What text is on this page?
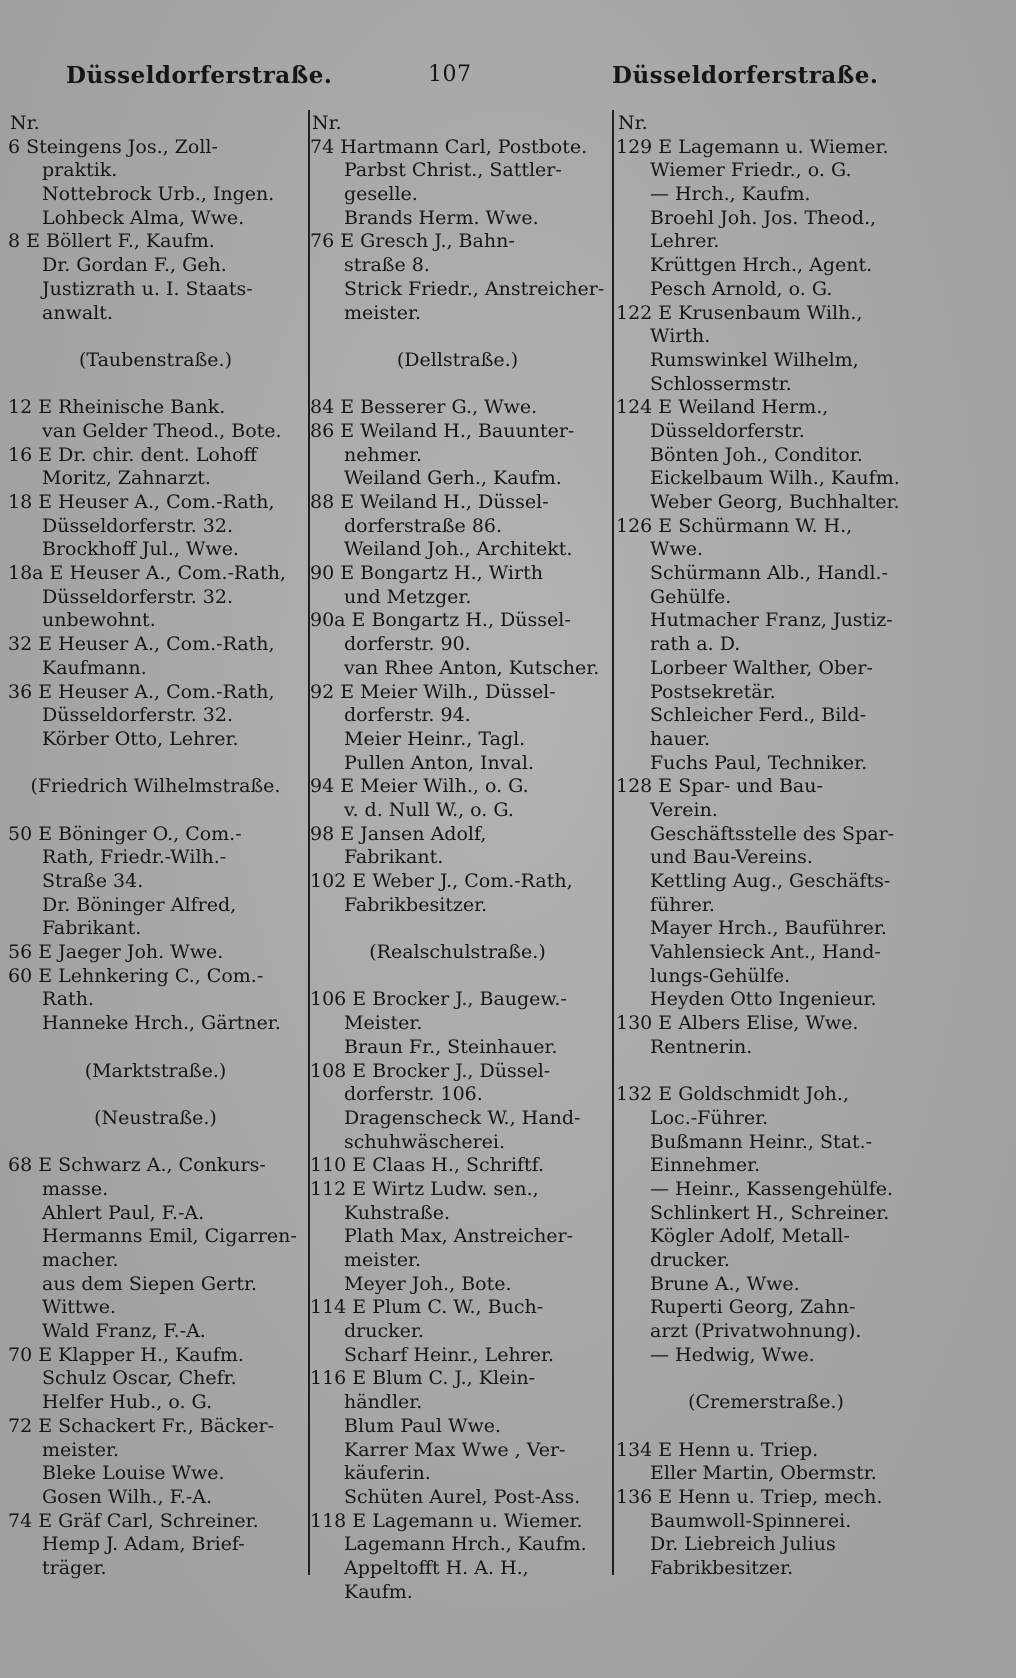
Düsseldorferstraße.	107	Düsseldorferstraße.
Nr.
6 Steingens Jos., Zoll-
praktik.
Nottebrock Urb., Ingen.
Lohbeck Alma, Wwe.
8 E Böllert F., Kaufm.
Dr. Gordan F., Geh.
Justizrath u. I. Staats-
anwalt.
(Taubenstraße.)
12 E Rheinische Bank.
van Gelder Theod., Bote.
16 E Dr. chir. dent. Lohoff
Moritz, Zahnarzt.
18 E Heuser A., Com.-Rath,
Düsseldorferstr. 32.
Brockhoff Jul., Wwe.
18a E Heuser A., Com.-Rath,
Düsseldorferstr. 32.
unbewohnt.
32 E Heuser A., Com.-Rath,
Kaufmann.
36 E Heuser A., Com.-Rath,
Düsseldorferstr. 32.
Körber Otto, Lehrer.
(Friedrich Wilhelmstraße.
50 E Böninger O., Com.-
Rath, Friedr.-Wilh.-
Straße 34.
Dr. Böninger Alfred,
Fabrikant.
56 E Jaeger Joh. Wwe.
60 E Lehnkering C., Com.-
Rath.
Hanneke Hrch., Gärtner.
(Marktstraße.)
(Neustraße.)
68 E Schwarz A., Conkurs-
masse.
Ahlert Paul, F.-A.
Hermanns Emil, Cigarren-
macher.
aus dem Siepen Gertr.
Wittwe.
Wald Franz, F.-A.
70 E Klapper H., Kaufm.
Schulz Oscar, Chefr.
Helfer Hub., o. G.
72 E Schackert Fr., Bäcker-
meister.
Bleke Louise Wwe.
Gosen Wilh., F.-A.
74 E Gräf Carl, Schreiner.
Hemp J. Adam, Brief-
träger.
Nr.
74 Hartmann Carl, Postbote.
Parbst Christ., Sattler-
geselle.
Brands Herm. Wwe.
76 E Gresch J., Bahn-
straße 8.
Strick Friedr., Anstreicher-
meister.
(Dellstraße.)
84 E Besserer G., Wwe.
86 E Weiland H., Bauunter-
nehmer.
Weiland Gerh., Kaufm.
88 E Weiland H., Düssel-
dorferstraße 86.
Weiland Joh., Architekt.
90 E Bongartz H., Wirth
und Metzger.
90a E Bongartz H., Düssel-
dorferstr. 90.
van Rhee Anton, Kutscher.
92 E Meier Wilh., Düssel-
dorferstr. 94.
Meier Heinr., Tagl.
Pullen Anton, Inval.
94 E Meier Wilh., o. G.
v. d. Null W., o. G.
98 E Jansen Adolf,
Fabrikant.
102 E Weber J., Com.-Rath,
Fabrikbesitzer.
(Realschulstraße.)
106 E Brocker J., Baugew.-
Meister.
Braun Fr., Steinhauer.
108 E Brocker J., Düssel-
dorferstr. 106.
Dragenscheck W., Hand-
schuhwäscherei.
110 E Claas H., Schriftf.
112 E Wirtz Ludw. sen.,
Kuhstraße.
Plath Max, Anstreicher-
meister.
Meyer Joh., Bote.
114 E Plum C. W., Buch-
drucker.
Scharf Heinr., Lehrer.
116 E Blum C. J., Klein-
händler.
Blum Paul Wwe.
Karrer Max Wwe , Ver-
käuferin.
Schüten Aurel, Post-Ass.
118 E Lagemann u. Wiemer.
Lagemann Hrch., Kaufm.
Appeltofft H. A. H.,
Kaufm.
Nr.
129 E Lagemann u. Wiemer.
Wiemer Friedr., o. G.
— Hrch., Kaufm.
Broehl Joh. Jos. Theod.,
Lehrer.
Krüttgen Hrch., Agent.
Pesch Arnold, o. G.
122 E Krusenbaum Wilh.,
Wirth.
Rumswinkel Wilhelm,
Schlossermstr.
124 E Weiland Herm.,
Düsseldorferstr.
Bönten Joh., Conditor.
Eickelbaum Wilh., Kaufm.
Weber Georg, Buchhalter.
126 E Schürmann W. H.,
Wwe.
Schürmann Alb., Handl.-
Gehülfe.
Hutmacher Franz, Justiz-
rath a. D.
Lorbeer Walther, Ober-
Postsekretär.
Schleicher Ferd., Bild-
hauer.
Fuchs Paul, Techniker.
128 E Spar- und Bau-
Verein.
Geschäftsstelle des Spar-
und Bau-Vereins.
Kettling Aug., Geschäfts-
führer.
Mayer Hrch., Bauführer.
Vahlensieck Ant., Hand-
lungs-Gehülfe.
Heyden Otto Ingenieur.
130 E Albers Elise, Wwe.
Rentnerin.
132 E Goldschmidt Joh.,
Loc.-Führer.
Bußmann Heinr., Stat.-
Einnehmer.
— Heinr., Kassengehülfe.
Schlinkert H., Schreiner.
Kögler Adolf, Metall-
drucker.
Brune A., Wwe.
Ruperti Georg, Zahn-
arzt (Privatwohnung).
— Hedwig, Wwe.
(Cremerstraße.)
134 E Henn u. Triep.
Eller Martin, Obermstr.
136 E Henn u. Triep, mech.
Baumwoll-Spinnerei.
Dr. Liebreich Julius
Fabrikbesitzer.
